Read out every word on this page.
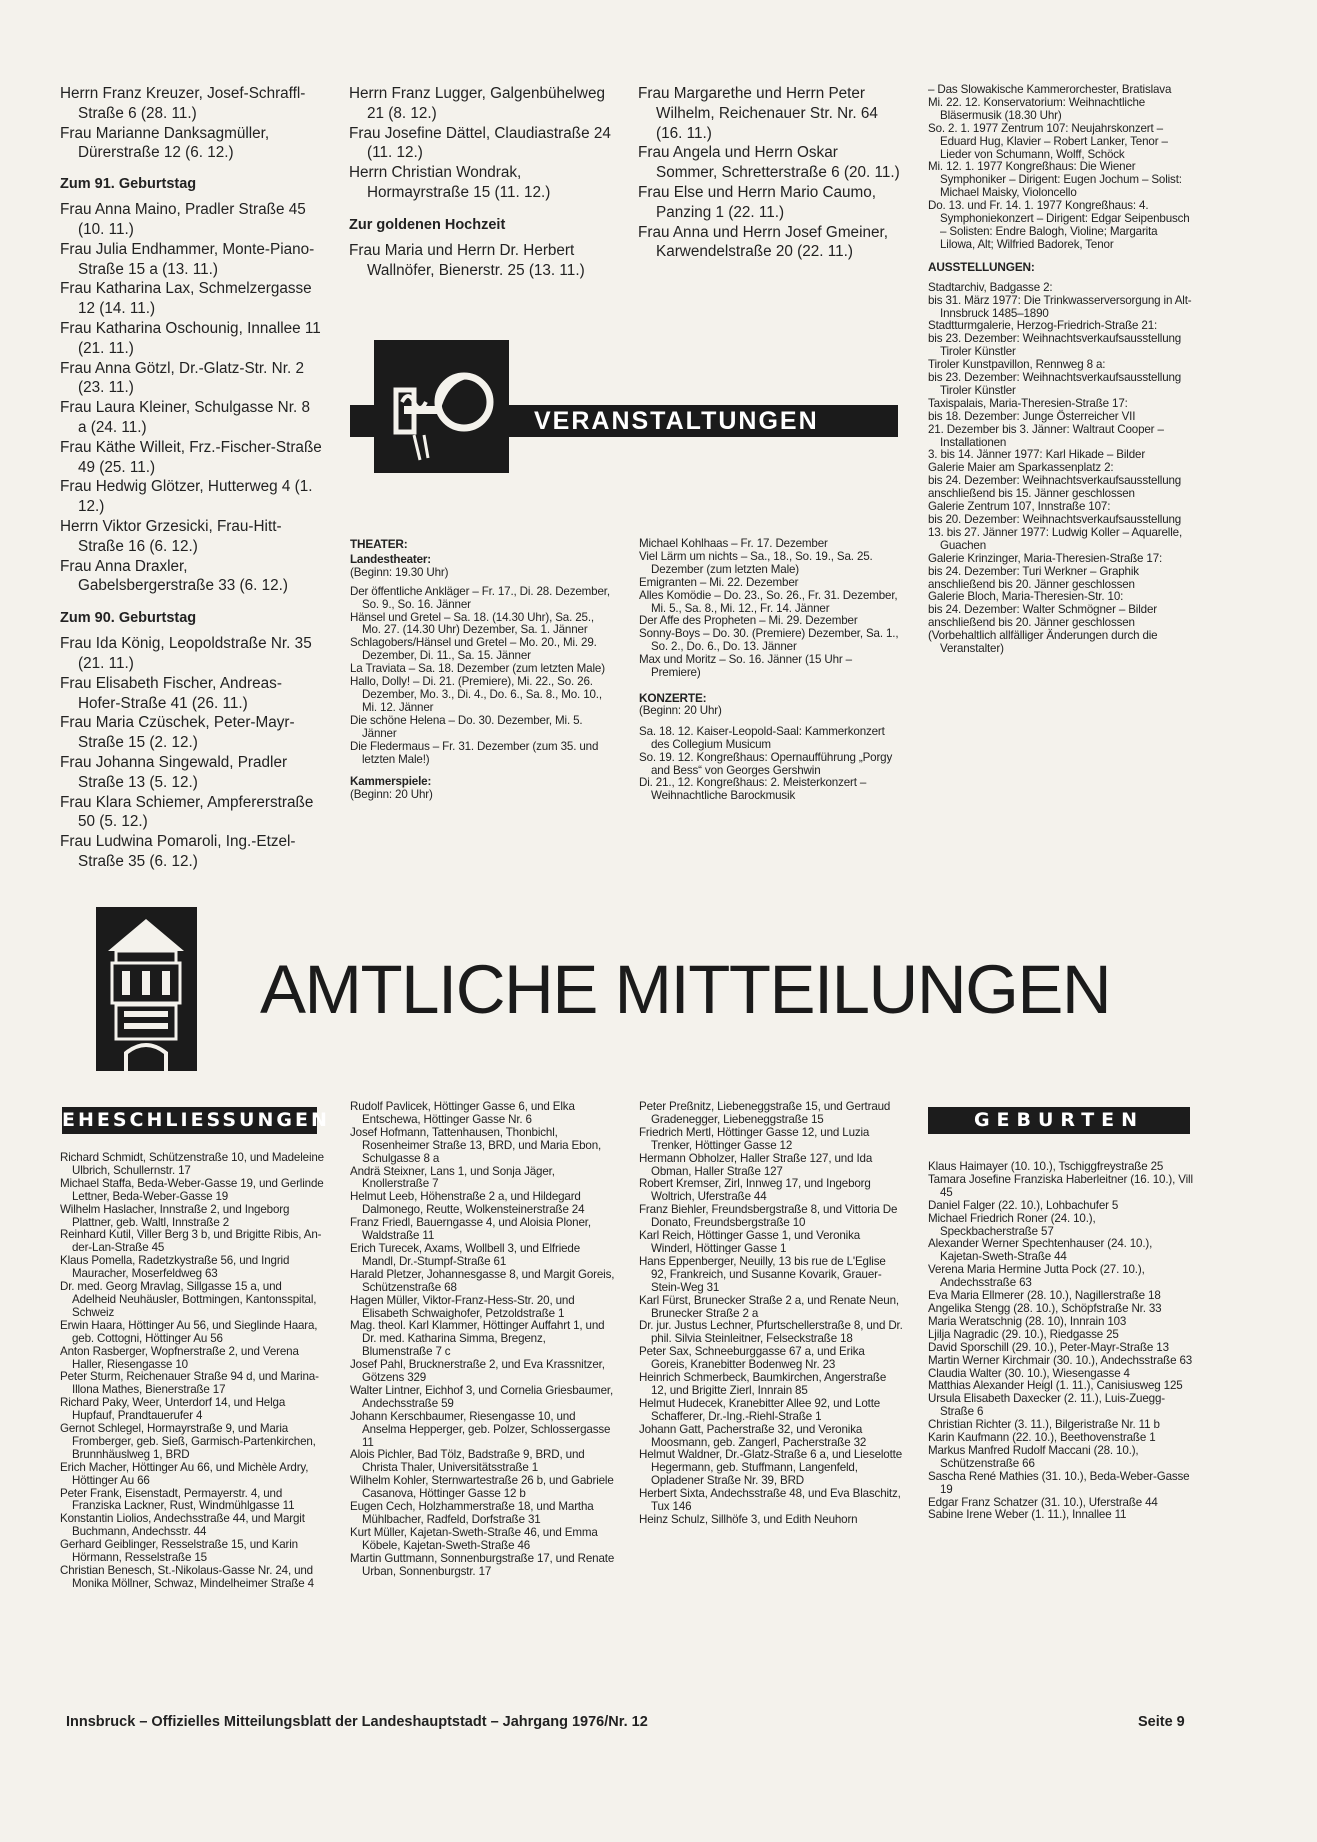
Herrn Franz Kreuzer, Josef-Schraffl-Straße 6 (28. 11.)

Frau Marianne Danksagmüller, Dürerstraße 12 (6. 12.)

Zum 91. Geburtstag

Frau Anna Maino, Pradler Straße 45 (10. 11.)

Frau Julia Endhammer, Monte-Piano-Straße 15 a (13. 11.)

Frau Katharina Lax, Schmelzergasse 12 (14. 11.)

Frau Katharina Oschounig, Innallee 11 (21. 11.)

Frau Anna Götzl, Dr.-Glatz-Str. Nr. 2 (23. 11.)

Frau Laura Kleiner, Schulgasse Nr. 8 a (24. 11.)

Frau Käthe Willeit, Frz.-Fischer-Straße 49 (25. 11.)

Frau Hedwig Glötzer, Hutterweg 4 (1. 12.)

Herrn Viktor Grzesicki, Frau-Hitt-Straße 16 (6. 12.)

Frau Anna Draxler, Gabelsbergerstraße 33 (6. 12.)

Zum 90. Geburtstag

Frau Ida König, Leopoldstraße Nr. 35 (21. 11.)

Frau Elisabeth Fischer, Andreas-Hofer-Straße 41 (26. 11.)

Frau Maria Czüschek, Peter-Mayr-Straße 15 (2. 12.)

Frau Johanna Singewald, Pradler Straße 13 (5. 12.)

Frau Klara Schiemer, Ampfererstraße 50 (5. 12.)

Frau Ludwina Pomaroli, Ing.-Etzel-Straße 35 (6. 12.)

Herrn Franz Lugger, Galgenbühelweg 21 (8. 12.)

Frau Josefine Dättel, Claudiastraße 24 (11. 12.)

Herrn Christian Wondrak, Hormayrstraße 15 (11. 12.)

Zur goldenen Hochzeit

Frau Maria und Herrn Dr. Herbert Wallnöfer, Bienerstr. 25 (13. 11.)

Frau Margarethe und Herrn Peter Wilhelm, Reichenauer Str. Nr. 64 (16. 11.)

Frau Angela und Herrn Oskar Sommer, Schretterstraße 6 (20. 11.)

Frau Else und Herrn Mario Caumo, Panzing 1 (22. 11.)

Frau Anna und Herrn Josef Gmeiner, Karwendelstraße 20 (22. 11.)

VERANSTALTUNGEN
THEATER:
Landestheater:
(Beginn: 19.30 Uhr)

Der öffentliche Ankläger – Fr. 17., Di. 28. Dezember, So. 9., So. 16. Jänner

Hänsel und Gretel – Sa. 18. (14.30 Uhr), Sa. 25., Mo. 27. (14.30 Uhr) Dezember, Sa. 1. Jänner

Schlagobers/Hänsel und Gretel – Mo. 20., Mi. 29. Dezember, Di. 11., Sa. 15. Jänner

La Traviata – Sa. 18. Dezember (zum letzten Male)

Hallo, Dolly! – Di. 21. (Premiere), Mi. 22., So. 26. Dezember, Mo. 3., Di. 4., Do. 6., Sa. 8., Mo. 10., Mi. 12. Jänner

Die schöne Helena – Do. 30. Dezember, Mi. 5. Jänner

Die Fledermaus – Fr. 31. Dezember (zum 35. und letzten Male!)

Kammerspiele:
(Beginn: 20 Uhr)

Michael Kohlhaas – Fr. 17. Dezember

Viel Lärm um nichts – Sa., 18., So. 19., Sa. 25. Dezember (zum letzten Male)

Emigranten – Mi. 22. Dezember

Alles Komödie – Do. 23., So. 26., Fr. 31. Dezember, Mi. 5., Sa. 8., Mi. 12., Fr. 14. Jänner

Der Affe des Propheten – Mi. 29. Dezember

Sonny-Boys – Do. 30. (Premiere) Dezember, Sa. 1., So. 2., Do. 6., Do. 13. Jänner

Max und Moritz – So. 16. Jänner (15 Uhr – Premiere)

KONZERTE:
(Beginn: 20 Uhr)

Sa. 18. 12. Kaiser-Leopold-Saal: Kammerkonzert des Collegium Musicum

So. 19. 12. Kongreßhaus: Opernaufführung „Porgy and Bess“ von Georges Gershwin

Di. 21., 12. Kongreßhaus: 2. Meisterkonzert – Weihnachtliche Barockmusik

– Das Slowakische Kammerorchester, Bratislava

Mi. 22. 12. Konservatorium: Weihnachtliche Bläsermusik (18.30 Uhr)

So. 2. 1. 1977 Zentrum 107: Neujahrskonzert – Eduard Hug, Klavier – Robert Lanker, Tenor – Lieder von Schumann, Wolff, Schöck

Mi. 12. 1. 1977 Kongreßhaus: Die Wiener Symphoniker – Dirigent: Eugen Jochum – Solist: Michael Maisky, Violoncello

Do. 13. und Fr. 14. 1. 1977 Kongreßhaus: 4. Symphoniekonzert – Dirigent: Edgar Seipenbusch – Solisten: Endre Balogh, Violine; Margarita Lilowa, Alt; Wilfried Badorek, Tenor

AUSSTELLUNGEN:

Stadtarchiv, Badgasse 2:

bis 31. März 1977: Die Trinkwasserversorgung in Alt-Innsbruck 1485–1890

Stadtturmgalerie, Herzog-Friedrich-Straße 21:

bis 23. Dezember: Weihnachtsverkaufsausstellung Tiroler Künstler

Tiroler Kunstpavillon, Rennweg 8 a:

bis 23. Dezember: Weihnachtsverkaufsausstellung Tiroler Künstler

Taxispalais, Maria-Theresien-Straße 17:

bis 18. Dezember: Junge Österreicher VII

21. Dezember bis 3. Jänner: Waltraut Cooper – Installationen

3. bis 14. Jänner 1977: Karl Hikade – Bilder

Galerie Maier am Sparkassenplatz 2:

bis 24. Dezember: Weihnachtsverkaufsausstellung

anschließend bis 15. Jänner geschlossen

Galerie Zentrum 107, Innstraße 107:

bis 20. Dezember: Weihnachtsverkaufsausstellung

13. bis 27. Jänner 1977: Ludwig Koller – Aquarelle, Guachen

Galerie Krinzinger, Maria-Theresien-Straße 17:

bis 24. Dezember: Turi Werkner – Graphik

anschließend bis 20. Jänner geschlossen

Galerie Bloch, Maria-Theresien-Str. 10:

bis 24. Dezember: Walter Schmögner – Bilder

anschließend bis 20. Jänner geschlossen

(Vorbehaltlich allfälliger Änderungen durch die Veranstalter)

AMTLICHE MITTEILUNGEN
EHESCHLIESSUNGEN	GEBURTEN

Richard Schmidt, Schützenstraße 10, und Madeleine Ulbrich, Schullernstr. 17

Michael Staffa, Beda-Weber-Gasse 19, und Gerlinde Lettner, Beda-Weber-Gasse 19

Wilhelm Haslacher, Innstraße 2, und Ingeborg Plattner, geb. Waltl, Innstraße 2

Reinhard Kutil, Viller Berg 3 b, und Brigitte Ribis, An-der-Lan-Straße 45

Klaus Pomella, Radetzkystraße 56, und Ingrid Mauracher, Moserfeldweg 63

Dr. med. Georg Mravlag, Sillgasse 15 a, und Adelheid Neuhäusler, Bottmingen, Kantonsspital, Schweiz

Erwin Haara, Höttinger Au 56, und Sieglinde Haara, geb. Cottogni, Höttinger Au 56

Anton Rasberger, Wopfnerstraße 2, und Verena Haller, Riesengasse 10

Peter Sturm, Reichenauer Straße 94 d, und Marina-Illona Mathes, Bienerstraße 17

Richard Paky, Weer, Unterdorf 14, und Helga Hupfauf, Prandtauerufer 4

Gernot Schlegel, Hormayrstraße 9, und Maria Fromberger, geb. Sieß, Garmisch-Partenkirchen, Brunnhäuslweg 1, BRD

Erich Macher, Höttinger Au 66, und Michèle Ardry, Höttinger Au 66

Peter Frank, Eisenstadt, Permayerstr. 4, und Franziska Lackner, Rust, Windmühlgasse 11

Konstantin Liolios, Andechsstraße 44, und Margit Buchmann, Andechsstr. 44

Gerhard Geiblinger, Resselstraße 15, und Karin Hörmann, Resselstraße 15

Christian Benesch, St.-Nikolaus-Gasse Nr. 24, und Monika Möllner, Schwaz, Mindelheimer Straße 4

Rudolf Pavlicek, Höttinger Gasse 6, und Elka Entschewa, Höttinger Gasse Nr. 6

Josef Hofmann, Tattenhausen, Thonbichl, Rosenheimer Straße 13, BRD, und Maria Ebon, Schulgasse 8 a

Andrä Steixner, Lans 1, und Sonja Jäger, Knollerstraße 7

Helmut Leeb, Höhenstraße 2 a, und Hildegard Dalmonego, Reutte, Wolkensteinerstraße 24

Franz Friedl, Bauerngasse 4, und Aloisia Ploner, Waldstraße 11

Erich Turecek, Axams, Wollbell 3, und Elfriede Mandl, Dr.-Stumpf-Straße 61

Harald Pletzer, Johannesgasse 8, und Margit Goreis, Schützenstraße 68

Hagen Müller, Viktor-Franz-Hess-Str. 20, und Elisabeth Schwaighofer, Petzoldstraße 1

Mag. theol. Karl Klammer, Höttinger Auffahrt 1, und Dr. med. Katharina Simma, Bregenz, Blumenstraße 7 c

Josef Pahl, Brucknerstraße 2, und Eva Krassnitzer, Götzens 329

Walter Lintner, Eichhof 3, und Cornelia Griesbaumer, Andechsstraße 59

Johann Kerschbaumer, Riesengasse 10, und Anselma Hepperger, geb. Polzer, Schlossergasse 11

Alois Pichler, Bad Tölz, Badstraße 9, BRD, und Christa Thaler, Universitätsstraße 1

Wilhelm Kohler, Sternwartestraße 26 b, und Gabriele Casanova, Höttinger Gasse 12 b

Eugen Cech, Holzhammerstraße 18, und Martha Mühlbacher, Radfeld, Dorfstraße 31

Kurt Müller, Kajetan-Sweth-Straße 46, und Emma Köbele, Kajetan-Sweth-Straße 46

Martin Guttmann, Sonnenburgstraße 17, und Renate Urban, Sonnenburgstr. 17

Peter Preßnitz, Liebeneggstraße 15, und Gertraud Gradenegger, Liebeneggstraße 15

Friedrich Mertl, Höttinger Gasse 12, und Luzia Trenker, Höttinger Gasse 12

Hermann Obholzer, Haller Straße 127, und Ida Obman, Haller Straße 127

Robert Kremser, Zirl, Innweg 17, und Ingeborg Woltrich, Uferstraße 44

Franz Biehler, Freundsbergstraße 8, und Vittoria De Donato, Freundsbergstraße 10

Karl Reich, Höttinger Gasse 1, und Veronika Winderl, Höttinger Gasse 1

Hans Eppenberger, Neuilly, 13 bis rue de L'Eglise 92, Frankreich, und Susanne Kovarik, Grauer-Stein-Weg 31

Karl Fürst, Brunecker Straße 2 a, und Renate Neun, Brunecker Straße 2 a

Dr. jur. Justus Lechner, Pfurtschellerstraße 8, und Dr. phil. Silvia Steinleitner, Felseckstraße 18

Peter Sax, Schneeburggasse 67 a, und Erika Goreis, Kranebitter Bodenweg Nr. 23

Heinrich Schmerbeck, Baumkirchen, Angerstraße 12, und Brigitte Zierl, Innrain 85

Helmut Hudecek, Kranebitter Allee 92, und Lotte Schafferer, Dr.-Ing.-Riehl-Straße 1

Johann Gatt, Pacherstraße 32, und Veronika Moosmann, geb. Zangerl, Pacherstraße 32

Helmut Waldner, Dr.-Glatz-Straße 6 a, und Lieselotte Hegermann, geb. Stuffmann, Langenfeld, Opladener Straße Nr. 39, BRD

Herbert Sixta, Andechsstraße 48, und Eva Blaschitz, Tux 146

Heinz Schulz, Sillhöfe 3, und Edith Neuhorn

Klaus Haimayer (10. 10.), Tschiggfreystraße 25

Tamara Josefine Franziska Haberleitner (16. 10.), Vill 45

Daniel Falger (22. 10.), Lohbachufer 5

Michael Friedrich Roner (24. 10.), Speckbacherstraße 57

Alexander Werner Spechtenhauser (24. 10.), Kajetan-Sweth-Straße 44

Verena Maria Hermine Jutta Pock (27. 10.), Andechsstraße 63

Eva Maria Ellmerer (28. 10.), Nagillerstraße 18

Angelika Stengg (28. 10.), Schöpfstraße Nr. 33

Maria Weratschnig (28. 10), Innrain 103

Ljilja Nagradic (29. 10.), Riedgasse 25

David Sporschill (29. 10.), Peter-Mayr-Straße 13

Martin Werner Kirchmair (30. 10.), Andechsstraße 63

Claudia Walter (30. 10.), Wiesengasse 4

Matthias Alexander Heigl (1. 11.), Canisiusweg 125

Ursula Elisabeth Daxecker (2. 11.), Luis-Zuegg-Straße 6

Christian Richter (3. 11.), Bilgeristraße Nr. 11 b

Karin Kaufmann (22. 10.), Beethovenstraße 1

Markus Manfred Rudolf Maccani (28. 10.), Schützenstraße 66

Sascha René Mathies (31. 10.), Beda-Weber-Gasse 19

Edgar Franz Schatzer (31. 10.), Uferstraße 44

Sabine Irene Weber (1. 11.), Innallee 11

Innsbruck – Offizielles Mitteilungsblatt der Landeshauptstadt – Jahrgang 1976/Nr. 12	Seite 9
